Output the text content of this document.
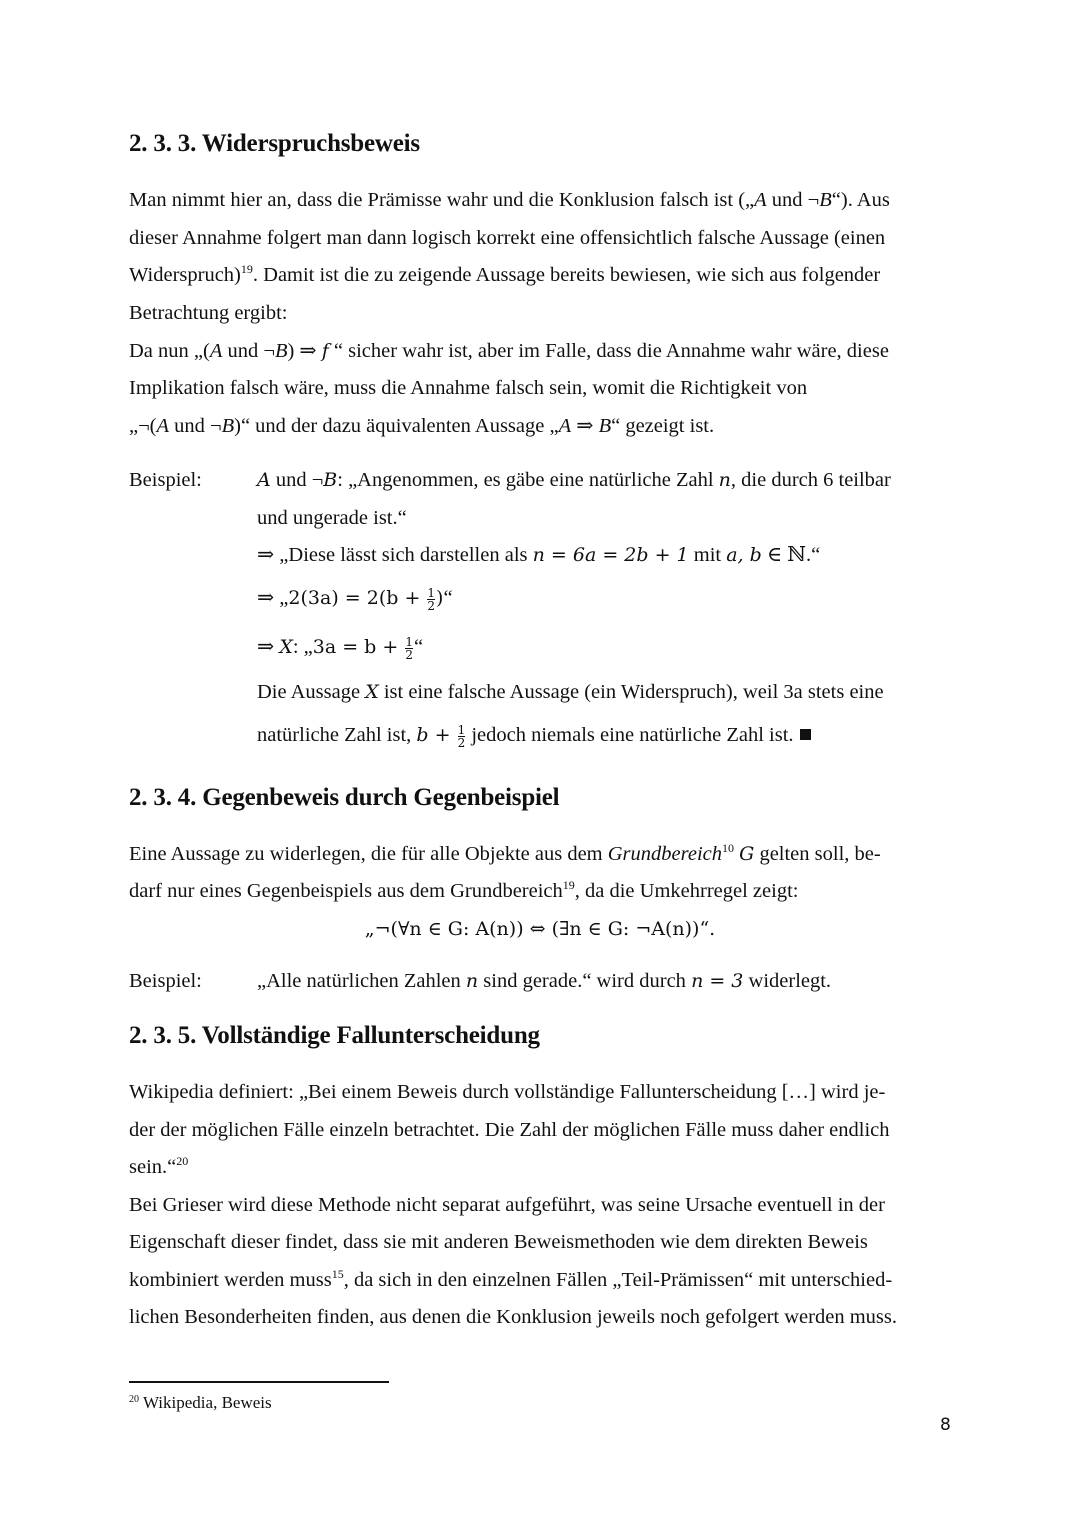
2. 3. 3. Widerspruchsbeweis
Man nimmt hier an, dass die Prämisse wahr und die Konklusion falsch ist („A und ¬B“). Aus
dieser Annahme folgert man dann logisch korrekt eine offensichtlich falsche Aussage (einen
Widerspruch)$^{19}$. Damit ist die zu zeigende Aussage bereits bewiesen, wie sich aus folgender
Betrachtung ergibt:
Da nun „(A und ¬B) ⇒ f “ sicher wahr ist, aber im Falle, dass die Annahme wahr wäre, diese
Implikation falsch wäre, muss die Annahme falsch sein, womit die Richtigkeit von
„¬(A und ¬B)“ und der dazu äquivalenten Aussage „A ⇒ B“ gezeigt ist.
Beispiel:	A und ¬B: „Angenommen, es gäbe eine natürliche Zahl n, die durch 6 teilbar
und ungerade ist.“
⇒ „Diese lässt sich darstellen als n = 6a = 2b + 1 mit a, b ∈ ℕ.“
⇒ „2(3a) = $2(b + \frac{1}{2}$ )“
⇒ X: „3a = $b + \frac{1}{2}$ “
Die Aussage X ist eine falsche Aussage (ein Widerspruch), weil 3a stets eine
natürliche Zahl ist, $b + \frac{1}{2}$ jedoch niemals eine natürliche Zahl ist.
2. 3. 4. Gegenbeweis durch Gegenbeispiel
Eine Aussage zu widerlegen, die für alle Objekte aus dem Grundbereich$^{10}$ G gelten soll, be-
darf nur eines Gegenbeispiels aus dem Grundbereich$^{19}$, da die Umkehrregel zeigt:
„¬(∀n ∈ G: A(n)) ⇔ (∃n ∈ G: ¬A(n))“.
Beispiel:	„Alle natürlichen Zahlen n sind gerade.“ wird durch n = 3 widerlegt.
2. 3. 5. Vollständige Fallunterscheidung
Wikipedia definiert: „Bei einem Beweis durch vollständige Fallunterscheidung […] wird je-
der der möglichen Fälle einzeln betrachtet. Die Zahl der möglichen Fälle muss daher endlich
sein.“$^{20}$
Bei Grieser wird diese Methode nicht separat aufgeführt, was seine Ursache eventuell in der
Eigenschaft dieser findet, dass sie mit anderen Beweismethoden wie dem direkten Beweis
kombiniert werden muss$^{15}$, da sich in den einzelnen Fällen „Teil-Prämissen“ mit unterschied-
lichen Besonderheiten finden, aus denen die Konklusion jeweils noch gefolgert werden muss.
$^{20}$ Wikipedia, Beweis
8
